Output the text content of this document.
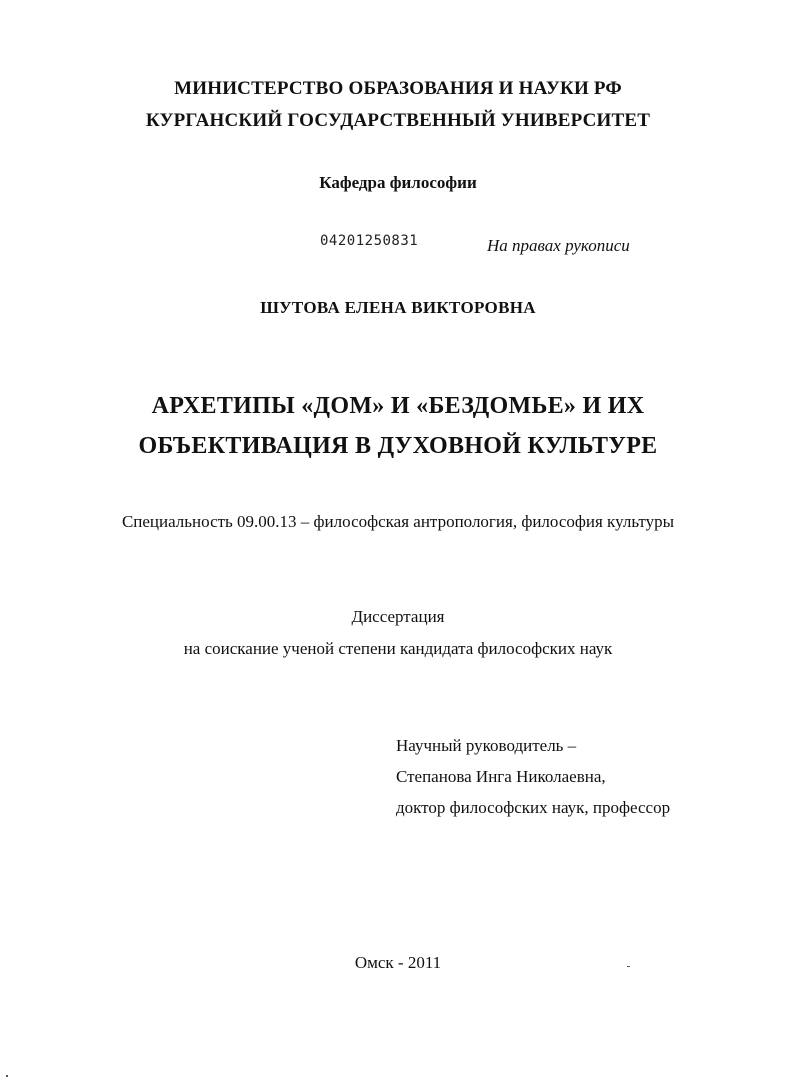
МИНИСТЕРСТВО ОБРАЗОВАНИЯ И НАУКИ РФ
КУРГАНСКИЙ ГОСУДАРСТВЕННЫЙ УНИВЕРСИТЕТ
Кафедра философии
04201250831	На правах рукописи
ШУТОВА ЕЛЕНА ВИКТОРОВНА
АРХЕТИПЫ «ДОМ» И «БЕЗДОМЬЕ» И ИХ
ОБЪЕКТИВАЦИЯ В ДУХОВНОЙ КУЛЬТУРЕ
Специальность 09.00.13 – философская антропология, философия культуры
Диссертация
на соискание ученой степени кандидата философских наук
Научный руководитель –
Степанова Инга Николаевна,
доктор философских наук, профессор
Омск - 2011
